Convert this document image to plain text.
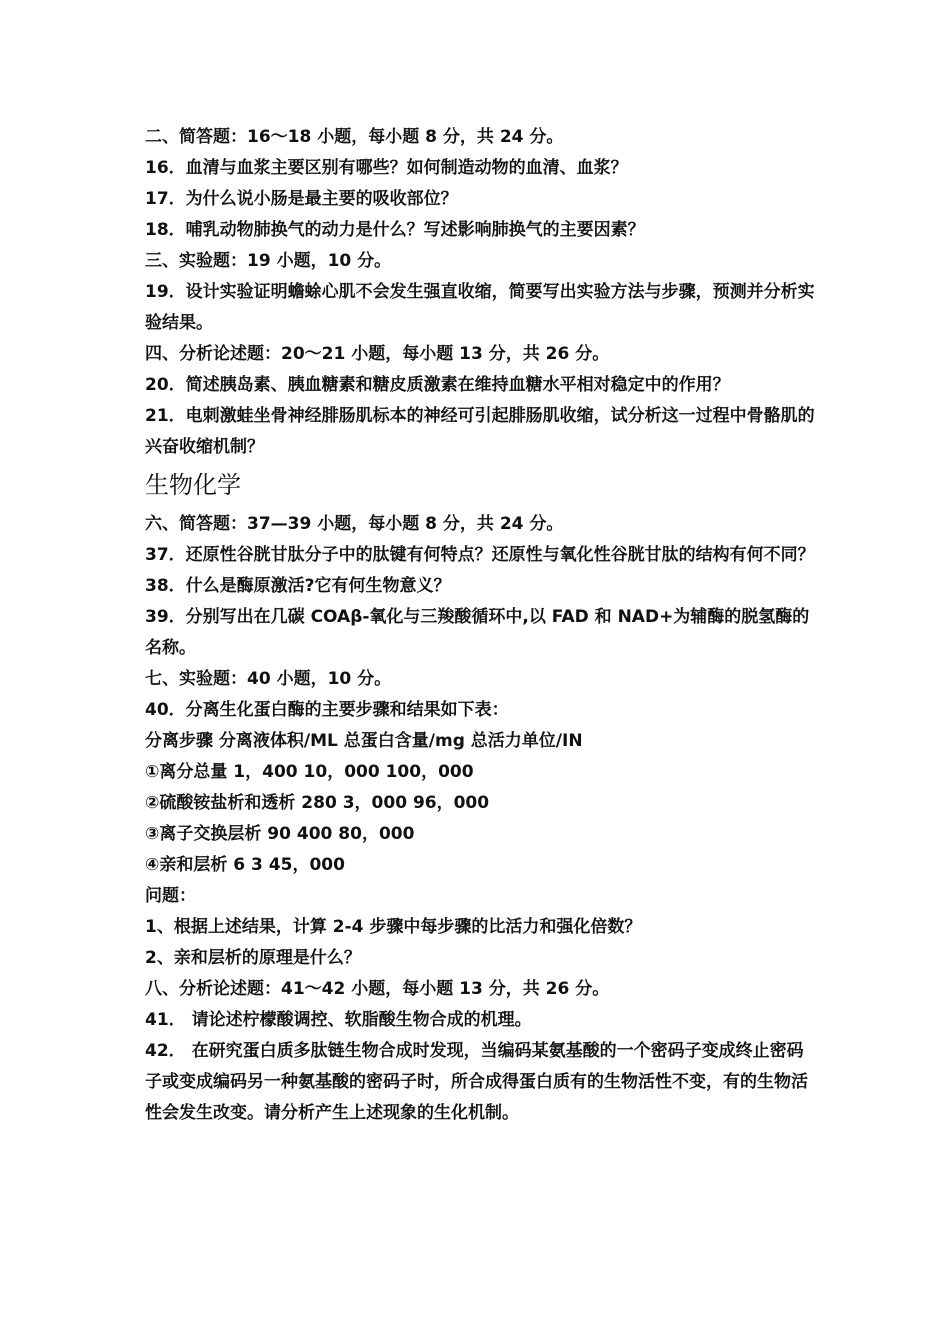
二、简答题：16～18 小题，每小题 8 分，共 24 分。
16．血清与血浆主要区别有哪些？如何制造动物的血清、血浆？
17．为什么说小肠是最主要的吸收部位？
18．哺乳动物肺换气的动力是什么？写述影响肺换气的主要因素？
三、实验题：19 小题，10 分。
19．设计实验证明蟾蜍心肌不会发生强直收缩，简要写出实验方法与步骤，预测并分析实验结果。
四、分析论述题：20～21 小题，每小题 13 分，共 26 分。
20．简述胰岛素、胰血糖素和糖皮质激素在维持血糖水平相对稳定中的作用？
21．电刺激蛙坐骨神经腓肠肌标本的神经可引起腓肠肌收缩，试分析这一过程中骨骼肌的兴奋收缩机制？
生物化学
六、简答题：37—39 小题，每小题 8 分，共 24 分。
37．还原性谷胱甘肽分子中的肽键有何特点？还原性与氧化性谷胱甘肽的结构有何不同？
38．什么是酶原激活?它有何生物意义？
39．分别写出在几碳 COAβ-氧化与三羧酸循环中,以 FAD 和 NAD+为辅酶的脱氢酶的名称。
七、实验题：40 小题，10 分。
40．分离生化蛋白酶的主要步骤和结果如下表：
分离步骤 分离液体积/ML 总蛋白含量/mg 总活力单位/IN
①离分总量 1，400 10，000 100，000
②硫酸铵盐析和透析 280 3，000 96，000
③离子交换层析 90 400 80，000
④亲和层析 6 3 45，000
问题：
1、根据上述结果，计算 2-4 步骤中每步骤的比活力和强化倍数？
2、亲和层析的原理是什么？
八、分析论述题：41～42 小题，每小题 13 分，共 26 分。
41． 请论述柠檬酸调控、软脂酸生物合成的机理。
42． 在研究蛋白质多肽链生物合成时发现，当编码某氨基酸的一个密码子变成终止密码子或变成编码另一种氨基酸的密码子时，所合成得蛋白质有的生物活性不变，有的生物活性会发生改变。请分析产生上述现象的生化机制。
